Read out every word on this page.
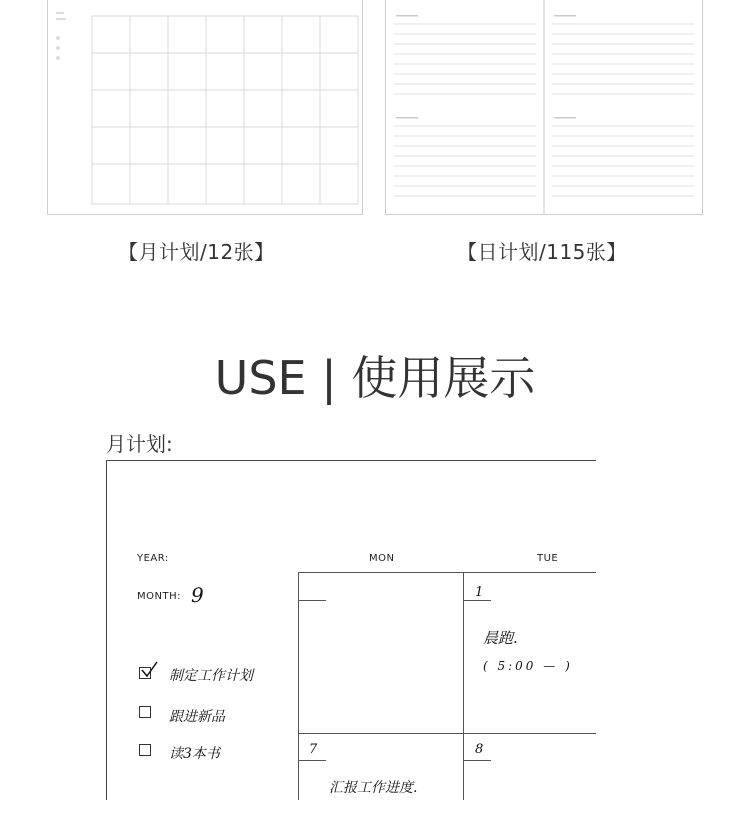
【月计划/12张】	【日计划/115张】
USE | 使用展示
月计划:
YEAR:
MONTH: 9
MON	TUE
1
晨跑.
( 5:00 — )
7
汇报工作进度.
8
制定工作计划
跟进新品
读3本书
